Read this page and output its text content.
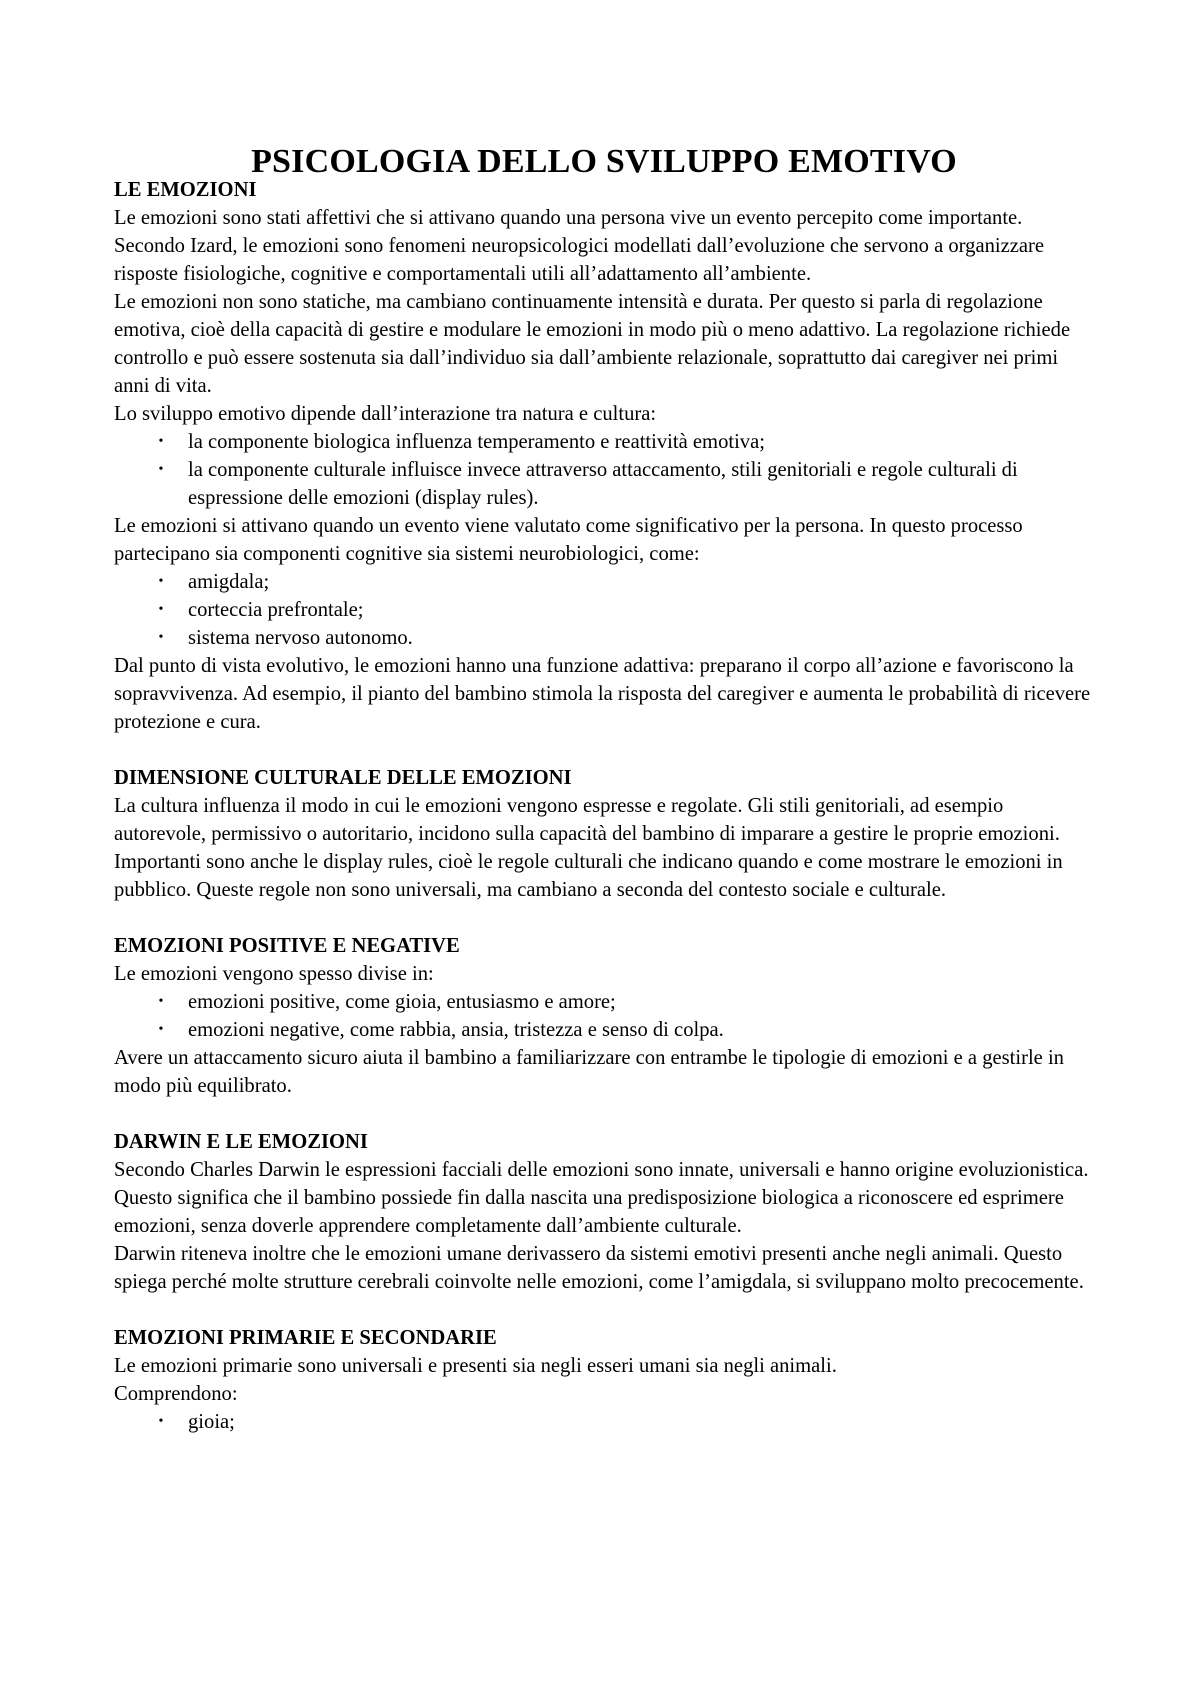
PSICOLOGIA DELLO SVILUPPO EMOTIVO
LE EMOZIONI

Le emozioni sono stati affettivi che si attivano quando una persona vive un evento percepito come importante. Secondo Izard, le emozioni sono fenomeni neuropsicologici modellati dall’evoluzione che servono a organizzare risposte fisiologiche, cognitive e comportamentali utili all’adattamento all’ambiente.

Le emozioni non sono statiche, ma cambiano continuamente intensità e durata. Per questo si parla di regolazione emotiva, cioè della capacità di gestire e modulare le emozioni in modo più o meno adattivo. La regolazione richiede controllo e può essere sostenuta sia dall’individuo sia dall’ambiente relazionale, soprattutto dai caregiver nei primi anni di vita.

Lo sviluppo emotivo dipende dall’interazione tra natura e cultura:

• la componente biologica influenza temperamento e reattività emotiva;
• la componente culturale influisce invece attraverso attaccamento, stili genitoriali e regole culturali di espressione delle emozioni (display rules).

Le emozioni si attivano quando un evento viene valutato come significativo per la persona. In questo processo partecipano sia componenti cognitive sia sistemi neurobiologici, come:

• amigdala;
• corteccia prefrontale;
• sistema nervoso autonomo.

Dal punto di vista evolutivo, le emozioni hanno una funzione adattiva: preparano il corpo all’azione e favoriscono la sopravvivenza. Ad esempio, il pianto del bambino stimola la risposta del caregiver e aumenta le probabilità di ricevere protezione e cura.

DIMENSIONE CULTURALE DELLE EMOZIONI

La cultura influenza il modo in cui le emozioni vengono espresse e regolate. Gli stili genitoriali, ad esempio autorevole, permissivo o autoritario, incidono sulla capacità del bambino di imparare a gestire le proprie emozioni.

Importanti sono anche le display rules, cioè le regole culturali che indicano quando e come mostrare le emozioni in pubblico. Queste regole non sono universali, ma cambiano a seconda del contesto sociale e culturale.

EMOZIONI POSITIVE E NEGATIVE

Le emozioni vengono spesso divise in:

• emozioni positive, come gioia, entusiasmo e amore;
• emozioni negative, come rabbia, ansia, tristezza e senso di colpa.

Avere un attaccamento sicuro aiuta il bambino a familiarizzare con entrambe le tipologie di emozioni e a gestirle in modo più equilibrato.

DARWIN E LE EMOZIONI

Secondo Charles Darwin le espressioni facciali delle emozioni sono innate, universali e hanno origine evoluzionistica. Questo significa che il bambino possiede fin dalla nascita una predisposizione biologica a riconoscere ed esprimere emozioni, senza doverle apprendere completamente dall’ambiente culturale.

Darwin riteneva inoltre che le emozioni umane derivassero da sistemi emotivi presenti anche negli animali. Questo spiega perché molte strutture cerebrali coinvolte nelle emozioni, come l’amigdala, si sviluppano molto precocemente.

EMOZIONI PRIMARIE E SECONDARIE

Le emozioni primarie sono universali e presenti sia negli esseri umani sia negli animali.

Comprendono:

• gioia;
